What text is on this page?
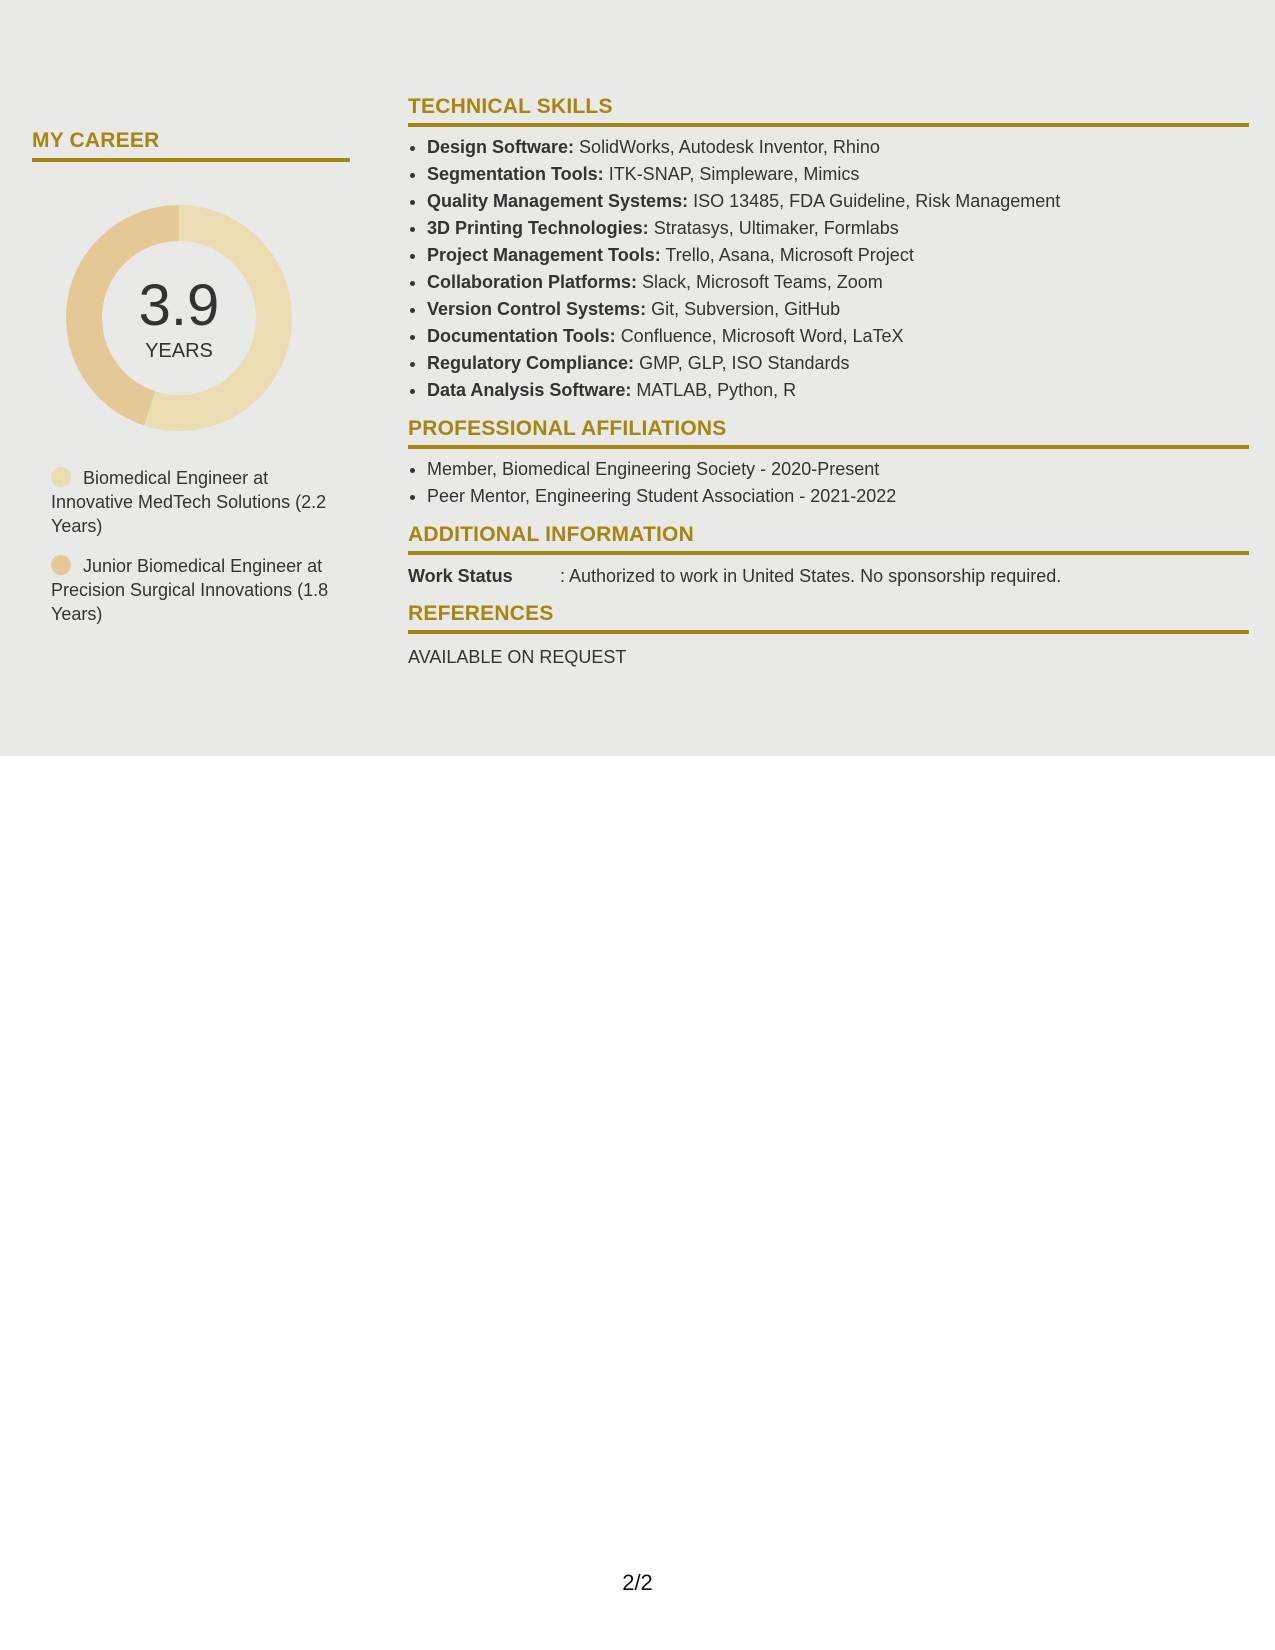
MY CAREER
3.9
YEARS
Biomedical Engineer at Innovative MedTech Solutions (2.2 Years)
Junior Biomedical Engineer at Precision Surgical Innovations (1.8 Years)
TECHNICAL SKILLS
• Design Software: SolidWorks, Autodesk Inventor, Rhino
• Segmentation Tools: ITK-SNAP, Simpleware, Mimics
• Quality Management Systems: ISO 13485, FDA Guideline, Risk Management
• 3D Printing Technologies: Stratasys, Ultimaker, Formlabs
• Project Management Tools: Trello, Asana, Microsoft Project
• Collaboration Platforms: Slack, Microsoft Teams, Zoom
• Version Control Systems: Git, Subversion, GitHub
• Documentation Tools: Confluence, Microsoft Word, LaTeX
• Regulatory Compliance: GMP, GLP, ISO Standards
• Data Analysis Software: MATLAB, Python, R
PROFESSIONAL AFFILIATIONS
• Member, Biomedical Engineering Society - 2020-Present
• Peer Mentor, Engineering Student Association - 2021-2022
ADDITIONAL INFORMATION
Work Status	: Authorized to work in United States. No sponsorship required.
REFERENCES
AVAILABLE ON REQUEST
2/2
